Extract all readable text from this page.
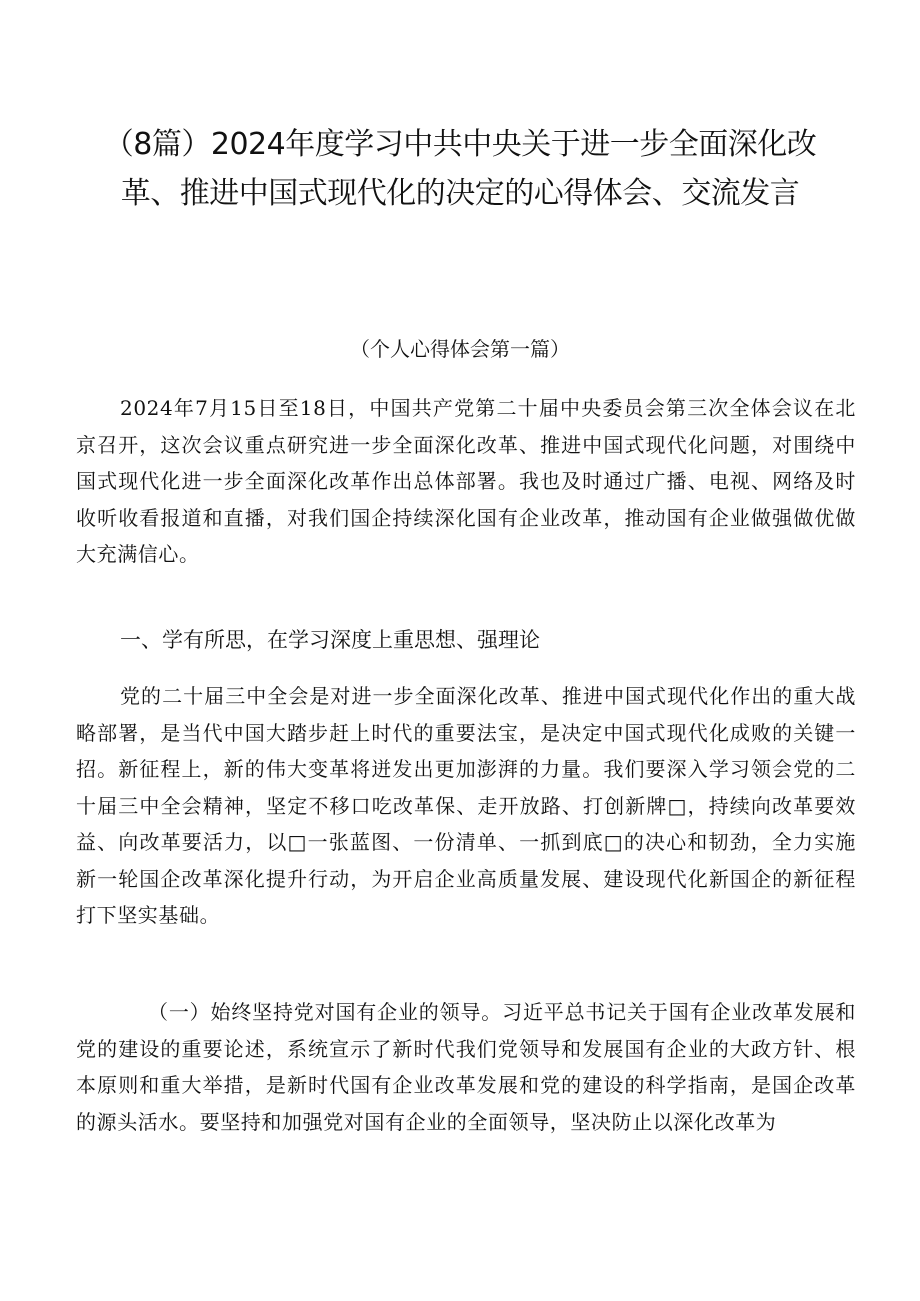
（8篇）2024年度学习中共中央关于进一步全面深化改革、推进中国式现代化的决定的心得体会、交流发言
（个人心得体会第一篇）

2024年7月15日至18日，中国共产党第二十届中央委员会第三次全体会议在北京召开，这次会议重点研究进一步全面深化改革、推进中国式现代化问题，对围绕中国式现代化进一步全面深化改革作出总体部署。我也及时通过广播、电视、网络及时收听收看报道和直播，对我们国企持续深化国有企业改革，推动国有企业做强做优做大充满信心。

一、学有所思，在学习深度上重思想、强理论

党的二十届三中全会是对进一步全面深化改革、推进中国式现代化作出的重大战略部署，是当代中国大踏步赶上时代的重要法宝，是决定中国式现代化成败的关键一招。新征程上，新的伟大变革将迸发出更加澎湃的力量。我们要深入学习领会党的二十届三中全会精神，坚定不移口吃改革保、走开放路、打创新牌□，持续向改革要效益、向改革要活力，以□一张蓝图、一份清单、一抓到底□的决心和韧劲，全力实施新一轮国企改革深化提升行动，为开启企业高质量发展、建设现代化新国企的新征程打下坚实基础。

（一）始终坚持党对国有企业的领导。习近平总书记关于国有企业改革发展和党的建设的重要论述，系统宣示了新时代我们党领导和发展国有企业的大政方针、根本原则和重大举措，是新时代国有企业改革发展和党的建设的科学指南，是国企改革的源头活水。要坚持和加强党对国有企业的全面领导，坚决防止以深化改革为
